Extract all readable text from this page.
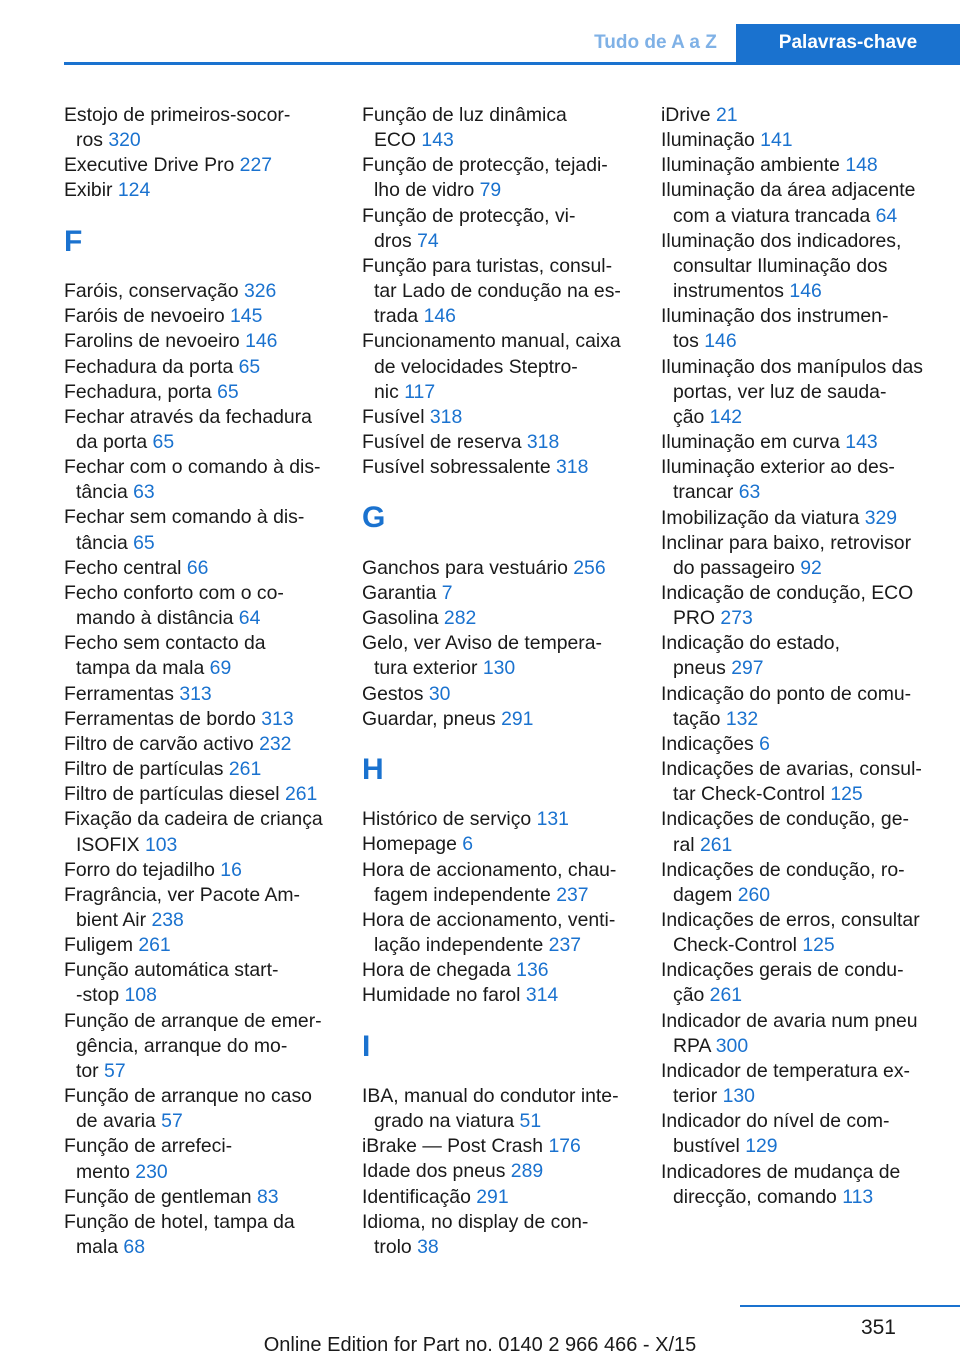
Tudo de A a Z	Palavras-chave
Estojo de primeiros-socor-
ros 320
Executive Drive Pro 227
Exibir 124
F
Faróis, conservação 326
Faróis de nevoeiro 145
Farolins de nevoeiro 146
Fechadura da porta 65
Fechadura, porta 65
Fechar através da fechadura
da porta 65
Fechar com o comando à dis-
tância 63
Fechar sem comando à dis-
tância 65
Fecho central 66
Fecho conforto com o co-
mando à distância 64
Fecho sem contacto da
tampa da mala 69
Ferramentas 313
Ferramentas de bordo 313
Filtro de carvão activo 232
Filtro de partículas 261
Filtro de partículas diesel 261
Fixação da cadeira de criança
ISOFIX 103
Forro do tejadilho 16
Fragrância, ver Pacote Am-
bient Air 238
Fuligem 261
Função automática start-
-stop 108
Função de arranque de emer-
gência, arranque do mo-
tor 57
Função de arranque no caso
de avaria 57
Função de arrefeci-
mento 230
Função de gentleman 83
Função de hotel, tampa da
mala 68
Função de luz dinâmica
ECO 143
Função de protecção, tejadi-
lho de vidro 79
Função de protecção, vi-
dros 74
Função para turistas, consul-
tar Lado de condução na es-
trada 146
Funcionamento manual, caixa
de velocidades Steptro-
nic 117
Fusível 318
Fusível de reserva 318
Fusível sobressalente 318
G
Ganchos para vestuário 256
Garantia 7
Gasolina 282
Gelo, ver Aviso de tempera-
tura exterior 130
Gestos 30
Guardar, pneus 291
H
Histórico de serviço 131
Homepage 6
Hora de accionamento, chau-
fagem independente 237
Hora de accionamento, venti-
lação independente 237
Hora de chegada 136
Humidade no farol 314
I
IBA, manual do condutor inte-
grado na viatura 51
iBrake — Post Crash 176
Idade dos pneus 289
Identificação 291
Idioma, no display de con-
trolo 38
iDrive 21
Iluminação 141
Iluminação ambiente 148
Iluminação da área adjacente
com a viatura trancada 64
Iluminação dos indicadores,
consultar Iluminação dos
instrumentos 146
Iluminação dos instrumen-
tos 146
Iluminação dos manípulos das
portas, ver luz de sauda-
ção 142
Iluminação em curva 143
Iluminação exterior ao des-
trancar 63
Imobilização da viatura 329
Inclinar para baixo, retrovisor
do passageiro 92
Indicação de condução, ECO
PRO 273
Indicação do estado,
pneus 297
Indicação do ponto de comu-
tação 132
Indicações 6
Indicações de avarias, consul-
tar Check-Control 125
Indicações de condução, ge-
ral 261
Indicações de condução, ro-
dagem 260
Indicações de erros, consultar
Check-Control 125
Indicações gerais de condu-
ção 261
Indicador de avaria num pneu
RPA 300
Indicador de temperatura ex-
terior 130
Indicador do nível de com-
bustível 129
Indicadores de mudança de
direcção, comando 113
351
Online Edition for Part no. 0140 2 966 466 - X/15
